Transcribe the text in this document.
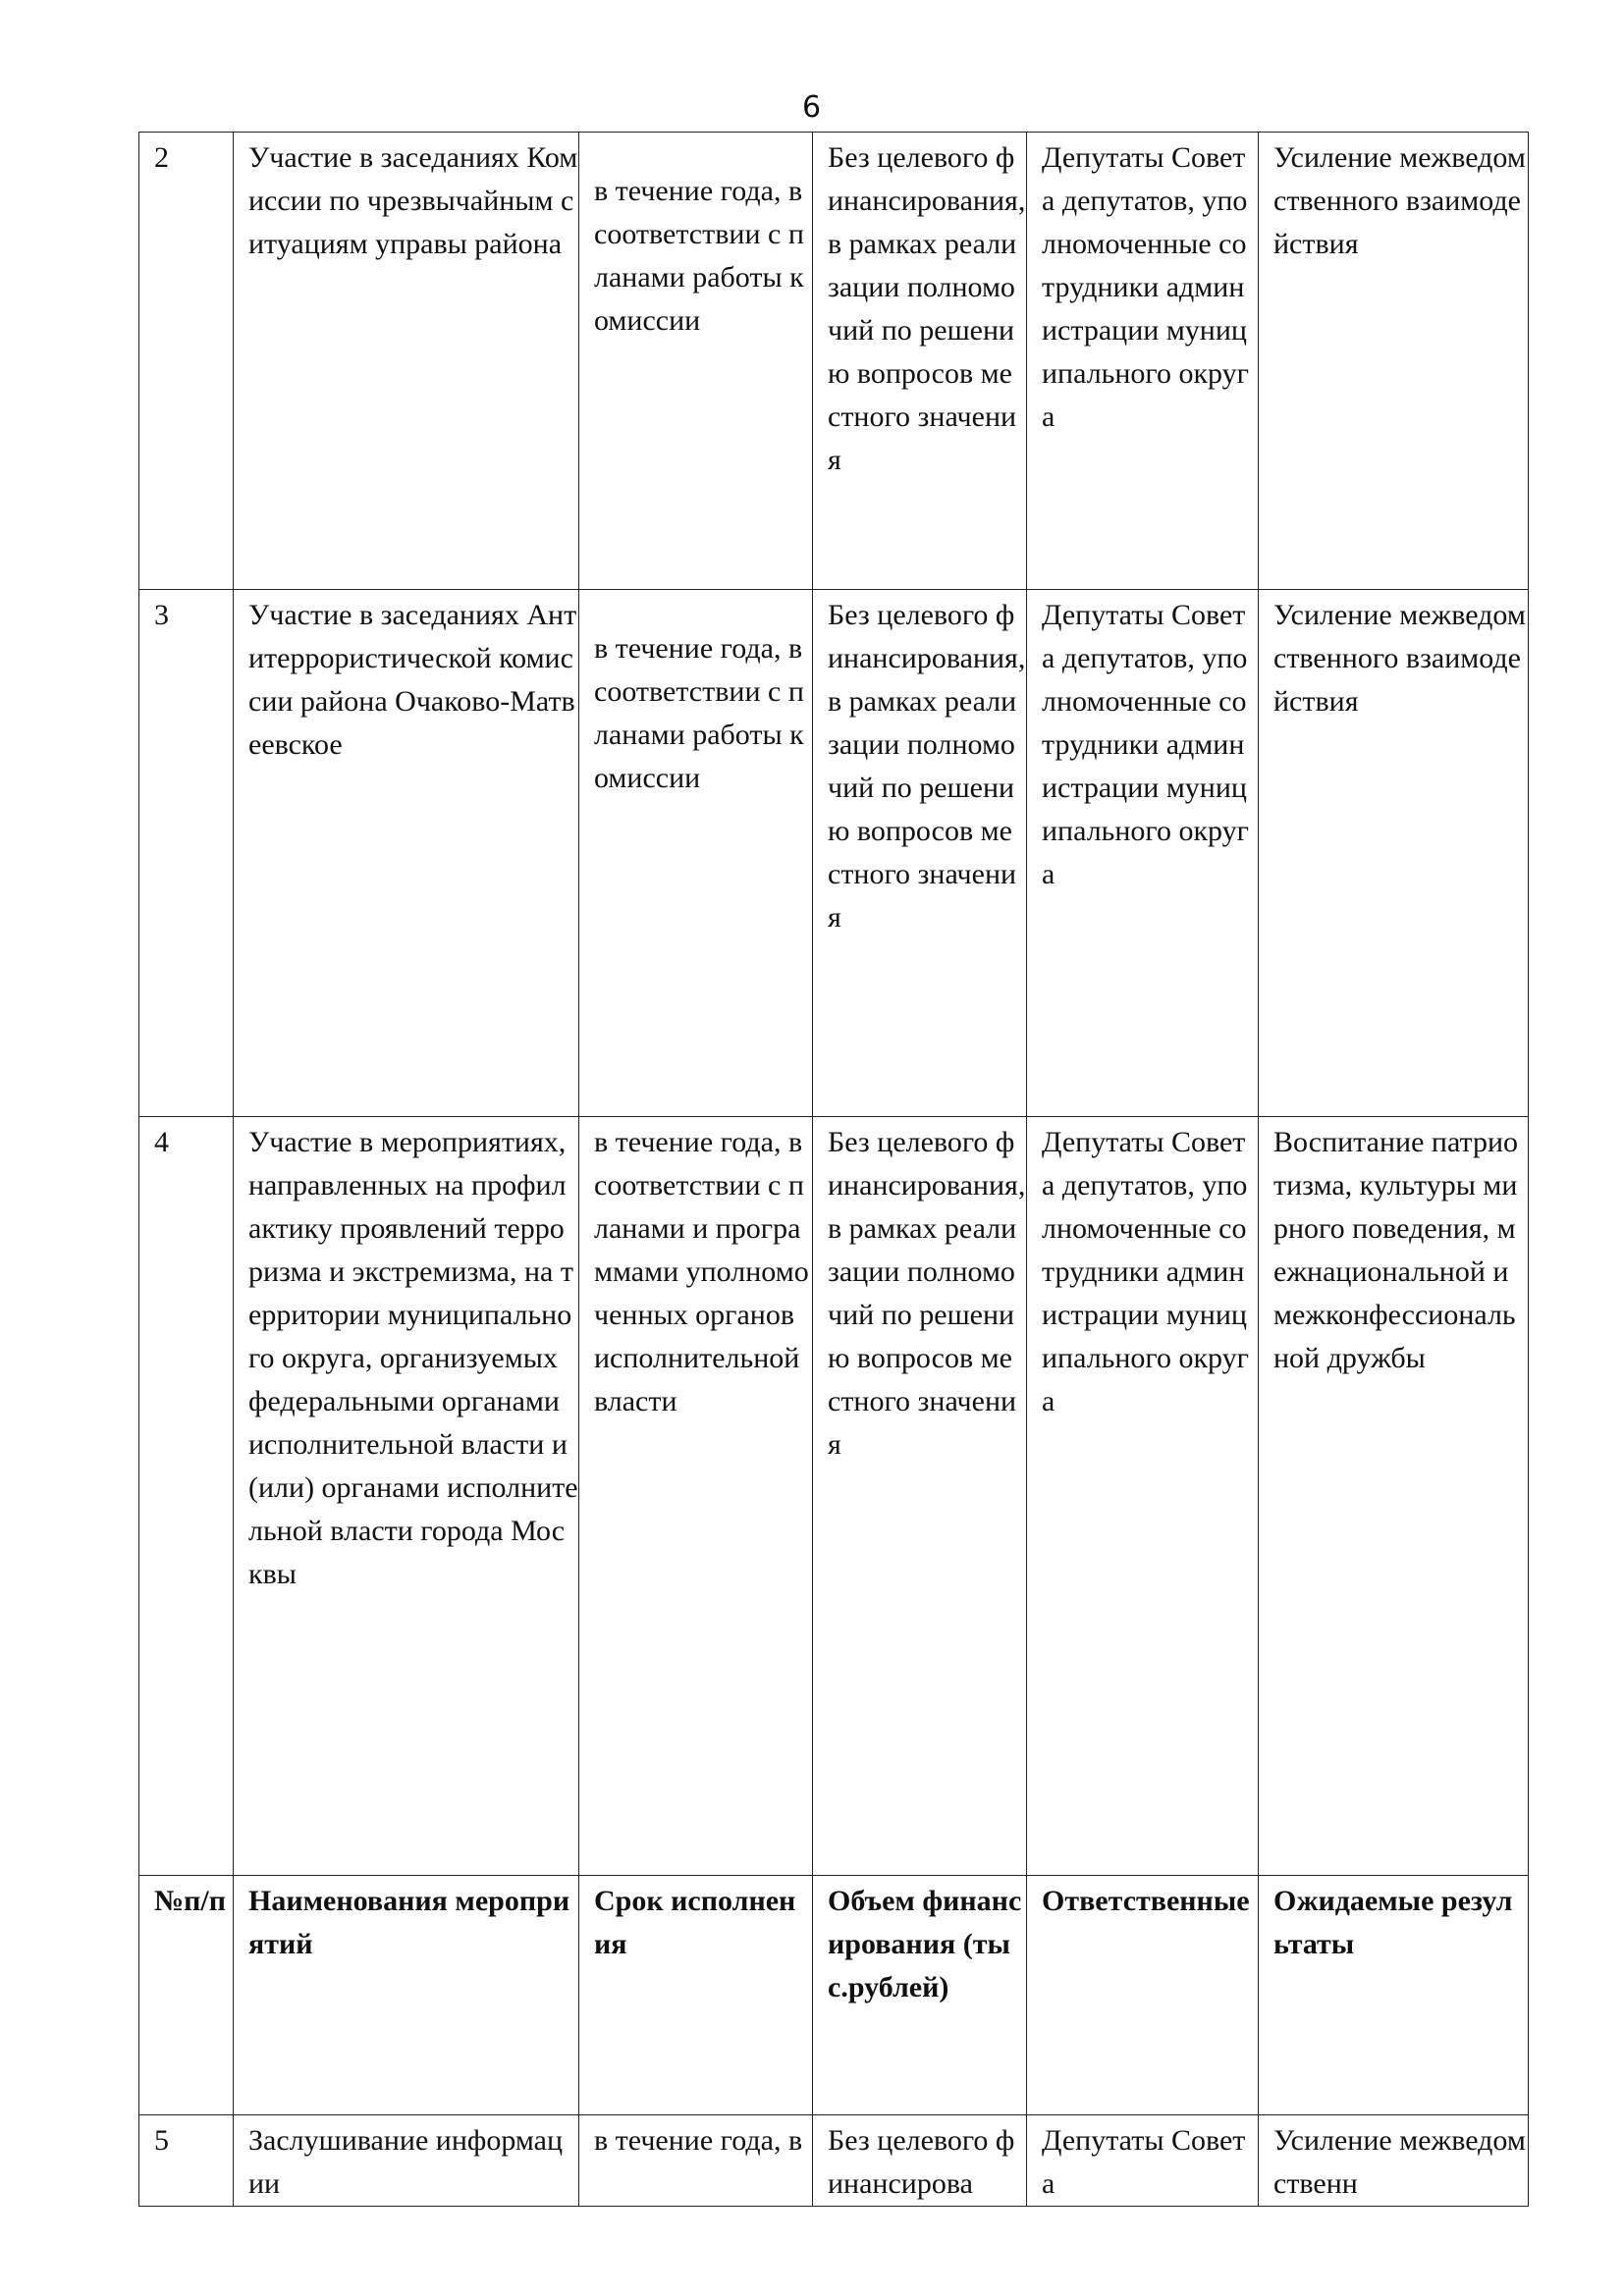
6
2	Участие в заседаниях Комиссии по чрезвычайным ситуациям управы района	в течение года, в соответствии с планами работы комиссии	Без целевого финансирования, в рамках реализации полномочий по решению вопросов местного значения	Депутаты Совета депутатов, уполномоченные сотрудники администрации муниципального округа	Усиление межведомственного взаимодействия
3	Участие в заседаниях Антитеррористической комиссии района Очаково-Матвеевское	в течение года, в соответствии с планами работы комиссии	Без целевого финансирования, в рамках реализации полномочий по решению вопросов местного значения	Депутаты Совета депутатов, уполномоченные сотрудники администрации муниципального округа	Усиление межведомственного взаимодействия
4	Участие в мероприятиях, направленных на профилактику проявлений терроризма и экстремизма, на территории муниципального округа, организуемых федеральными органами исполнительной власти и (или) органами исполнительной власти города Москвы	в течение года, в соответствии с планами и программами уполномоченных органов исполнительной власти	Без целевого финансирования, в рамках реализации полномочий по решению вопросов местного значения	Депутаты Совета депутатов, уполномоченные сотрудники администрации муниципального округа	Воспитание патриотизма, культуры мирного поведения, межнациональной и межконфессиональной дружбы
№п/п	Наименования мероприятий	Срок исполнения	Объем финансирования (тыс.рублей)	Ответственные	Ожидаемые результаты
5	Заслушивание информации	в течение года, в	Без целевого финансирова	Депутаты Совета	Усиление межведомственн
